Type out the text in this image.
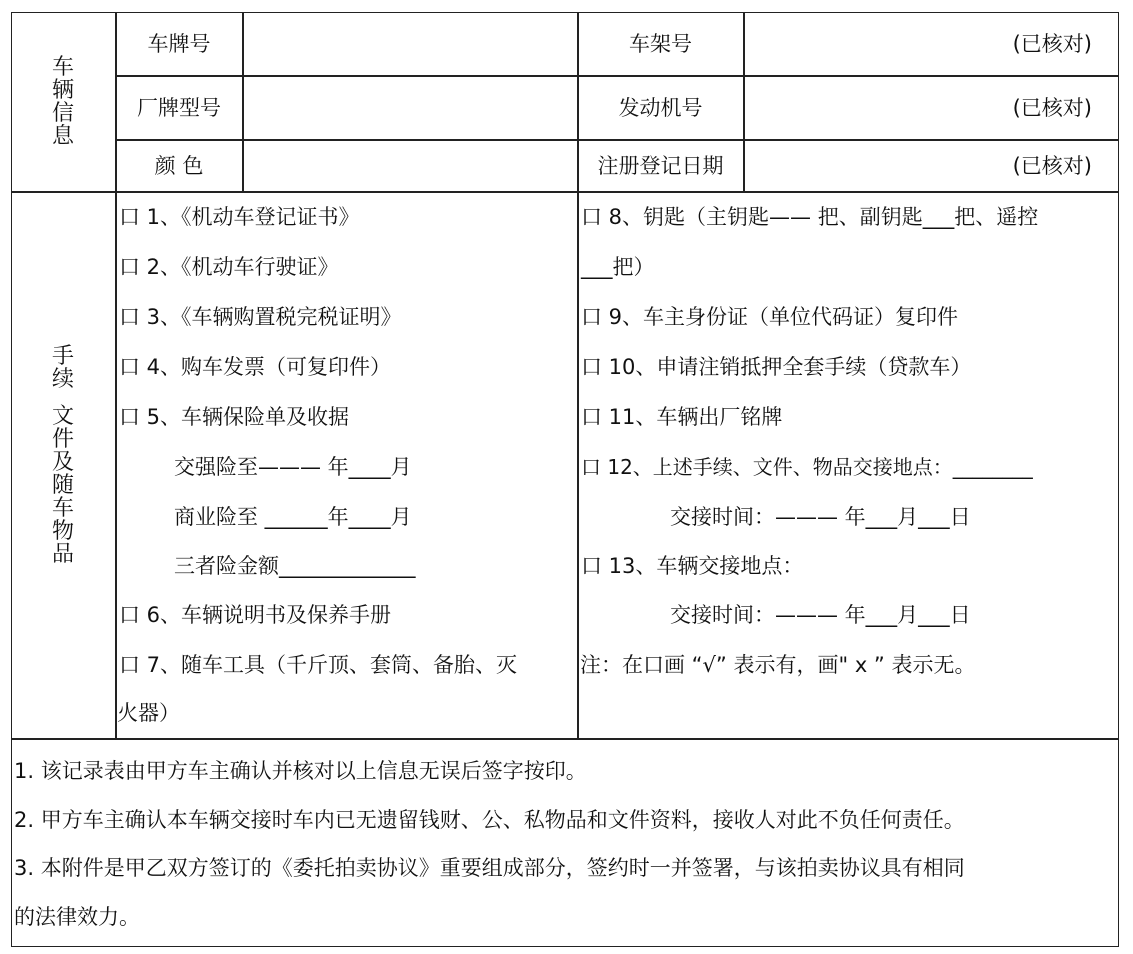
车
辆
信
息
车牌号	车架号	(已核对)
厂牌型号	发动机号	(已核对)
颜 色	注册登记日期	(已核对)
手
续
文
件
及
随
车
物
品
口 1、《机动车登记证书》
口 2、《机动车行驶证》
口 3、《车辆购置税完税证明》
口 4、购车发票（可复印件）
口 5、车辆保险单及收据
交强险至——— 年____月
商业险至 ______年____月
三者险金额_____________
口 6、车辆说明书及保养手册
口 7、随车工具（千斤顶、套筒、备胎、灭
火器）
口 8、钥匙（主钥匙—— 把、副钥匙___把、遥控
___把）
口 9、车主身份证（单位代码证）复印件
口 10、申请注销抵押全套手续（贷款车）
口 11、车辆出厂铭牌
口 12、上述手续、文件、物品交接地点：________
交接时间：——— 年___月___日
口 13、车辆交接地点：
交接时间：——— 年___月___日
注：在口画 “√” 表示有，画" x ” 表示无。
1. 该记录表由甲方车主确认并核对以上信息无误后签字按印。
2. 甲方车主确认本车辆交接时车内已无遗留钱财、公、私物品和文件资料，接收人对此不负任何责任。
3. 本附件是甲乙双方签订的《委托拍卖协议》重要组成部分，签约时一并签署，与该拍卖协议具有相同
的法律效力。
